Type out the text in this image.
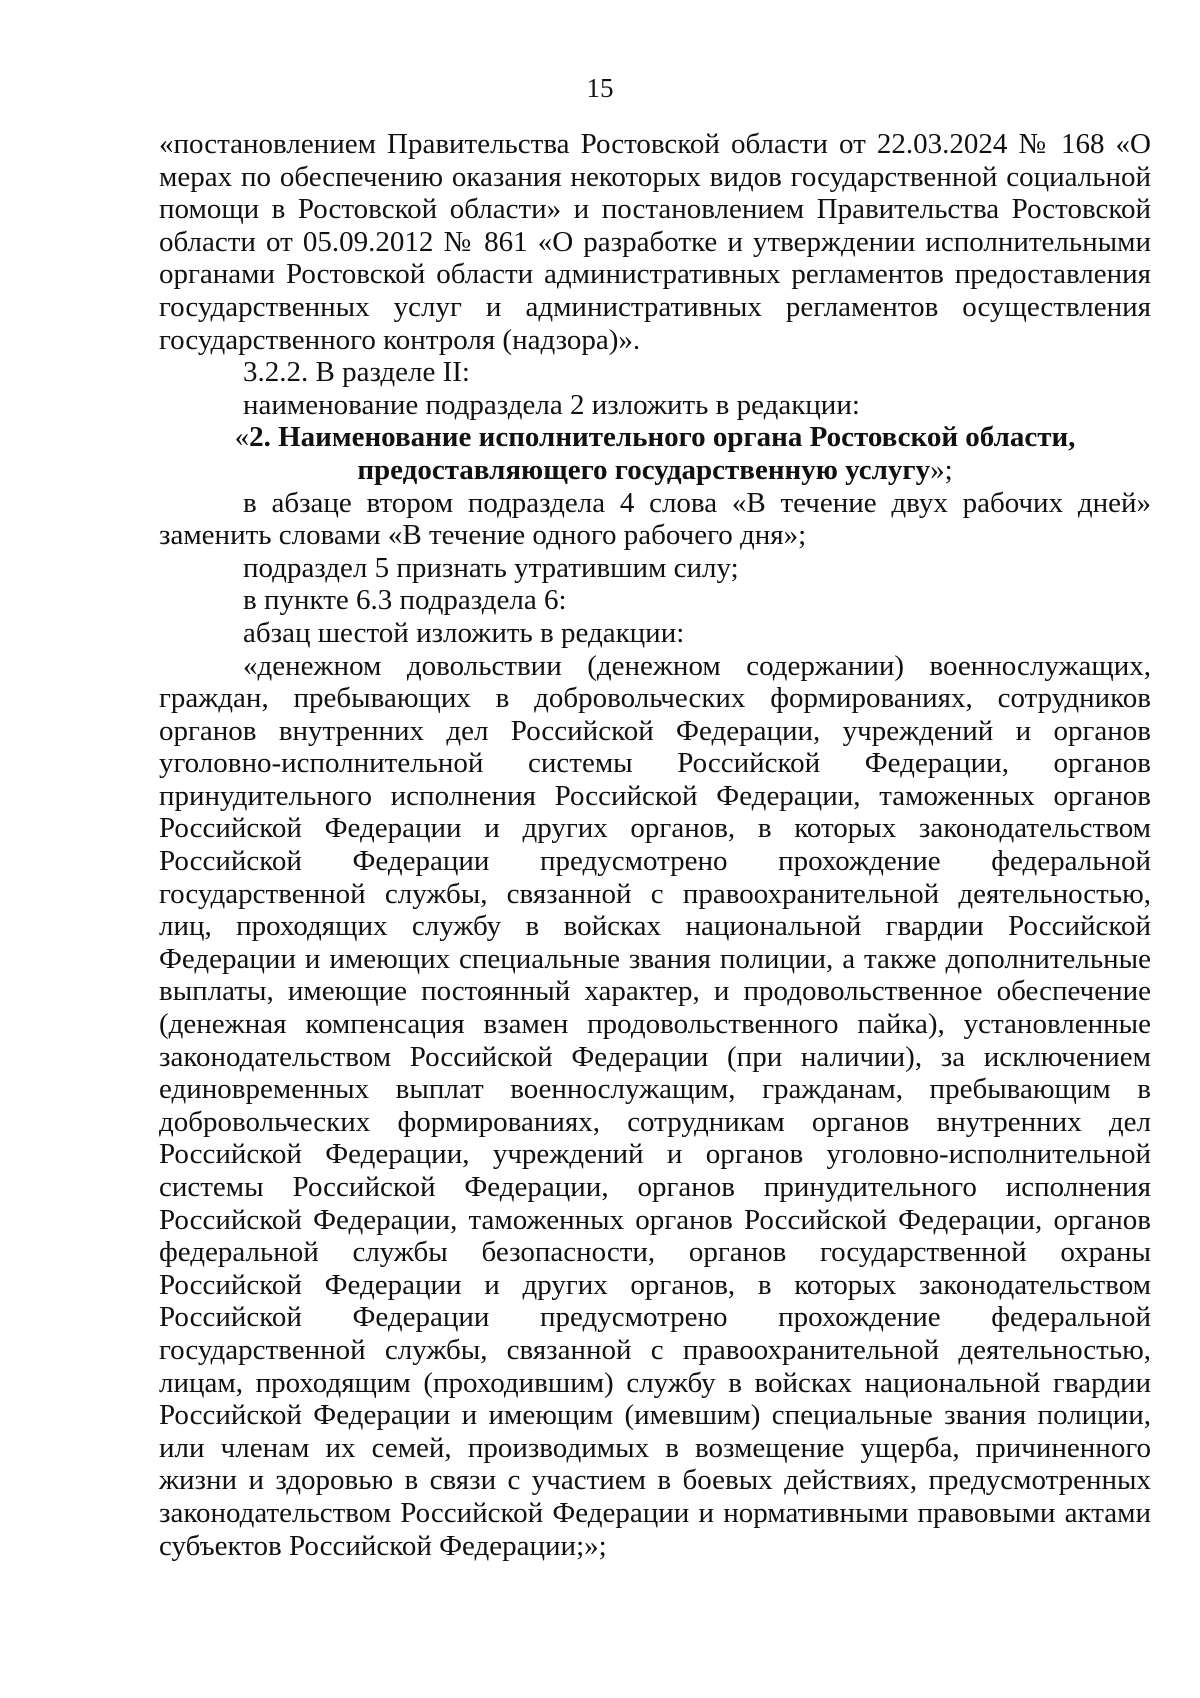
15

«постановлением Правительства Ростовской области от 22.03.2024 № 168 «О мерах по обеспечению оказания некоторых видов государственной социальной помощи в Ростовской области» и постановлением Правительства Ростовской области от 05.09.2012 № 861 «О разработке и утверждении исполнительными органами Ростовской области административных регламентов предоставления государственных услуг и административных регламентов осуществления государственного контроля (надзора)».

3.2.2. В разделе II:

наименование подраздела 2 изложить в редакции:

«2. Наименование исполнительного органа Ростовской области, предоставляющего государственную услугу»;

в абзаце втором подраздела 4 слова «В течение двух рабочих дней» заменить словами «В течение одного рабочего дня»;

подраздел 5 признать утратившим силу;

в пункте 6.3 подраздела 6:

абзац шестой изложить в редакции:

«денежном довольствии (денежном содержании) военнослужащих, граждан, пребывающих в добровольческих формированиях, сотрудников органов внутренних дел Российской Федерации, учреждений и органов уголовно-исполнительной системы Российской Федерации, органов принудительного исполнения Российской Федерации, таможенных органов Российской Федерации и других органов, в которых законодательством Российской Федерации предусмотрено прохождение федеральной государственной службы, связанной с правоохранительной деятельностью, лиц, проходящих службу в войсках национальной гвардии Российской Федерации и имеющих специальные звания полиции, а также дополнительные выплаты, имеющие постоянный характер, и продовольственное обеспечение (денежная компенсация взамен продовольственного пайка), установленные законодательством Российской Федерации (при наличии), за исключением единовременных выплат военнослужащим, гражданам, пребывающим в добровольческих формированиях, сотрудникам органов внутренних дел Российской Федерации, учреждений и органов уголовно-исполнительной системы Российской Федерации, органов принудительного исполнения Российской Федерации, таможенных органов Российской Федерации, органов федеральной службы безопасности, органов государственной охраны Российской Федерации и других органов, в которых законодательством Российской Федерации предусмотрено прохождение федеральной государственной службы, связанной с правоохранительной деятельностью, лицам, проходящим (проходившим) службу в войсках национальной гвардии Российской Федерации и имеющим (имевшим) специальные звания полиции, или членам их семей, производимых в возмещение ущерба, причиненного жизни и здоровью в связи с участием в боевых действиях, предусмотренных законодательством Российской Федерации и нормативными правовыми актами субъектов Российской Федерации;»;
